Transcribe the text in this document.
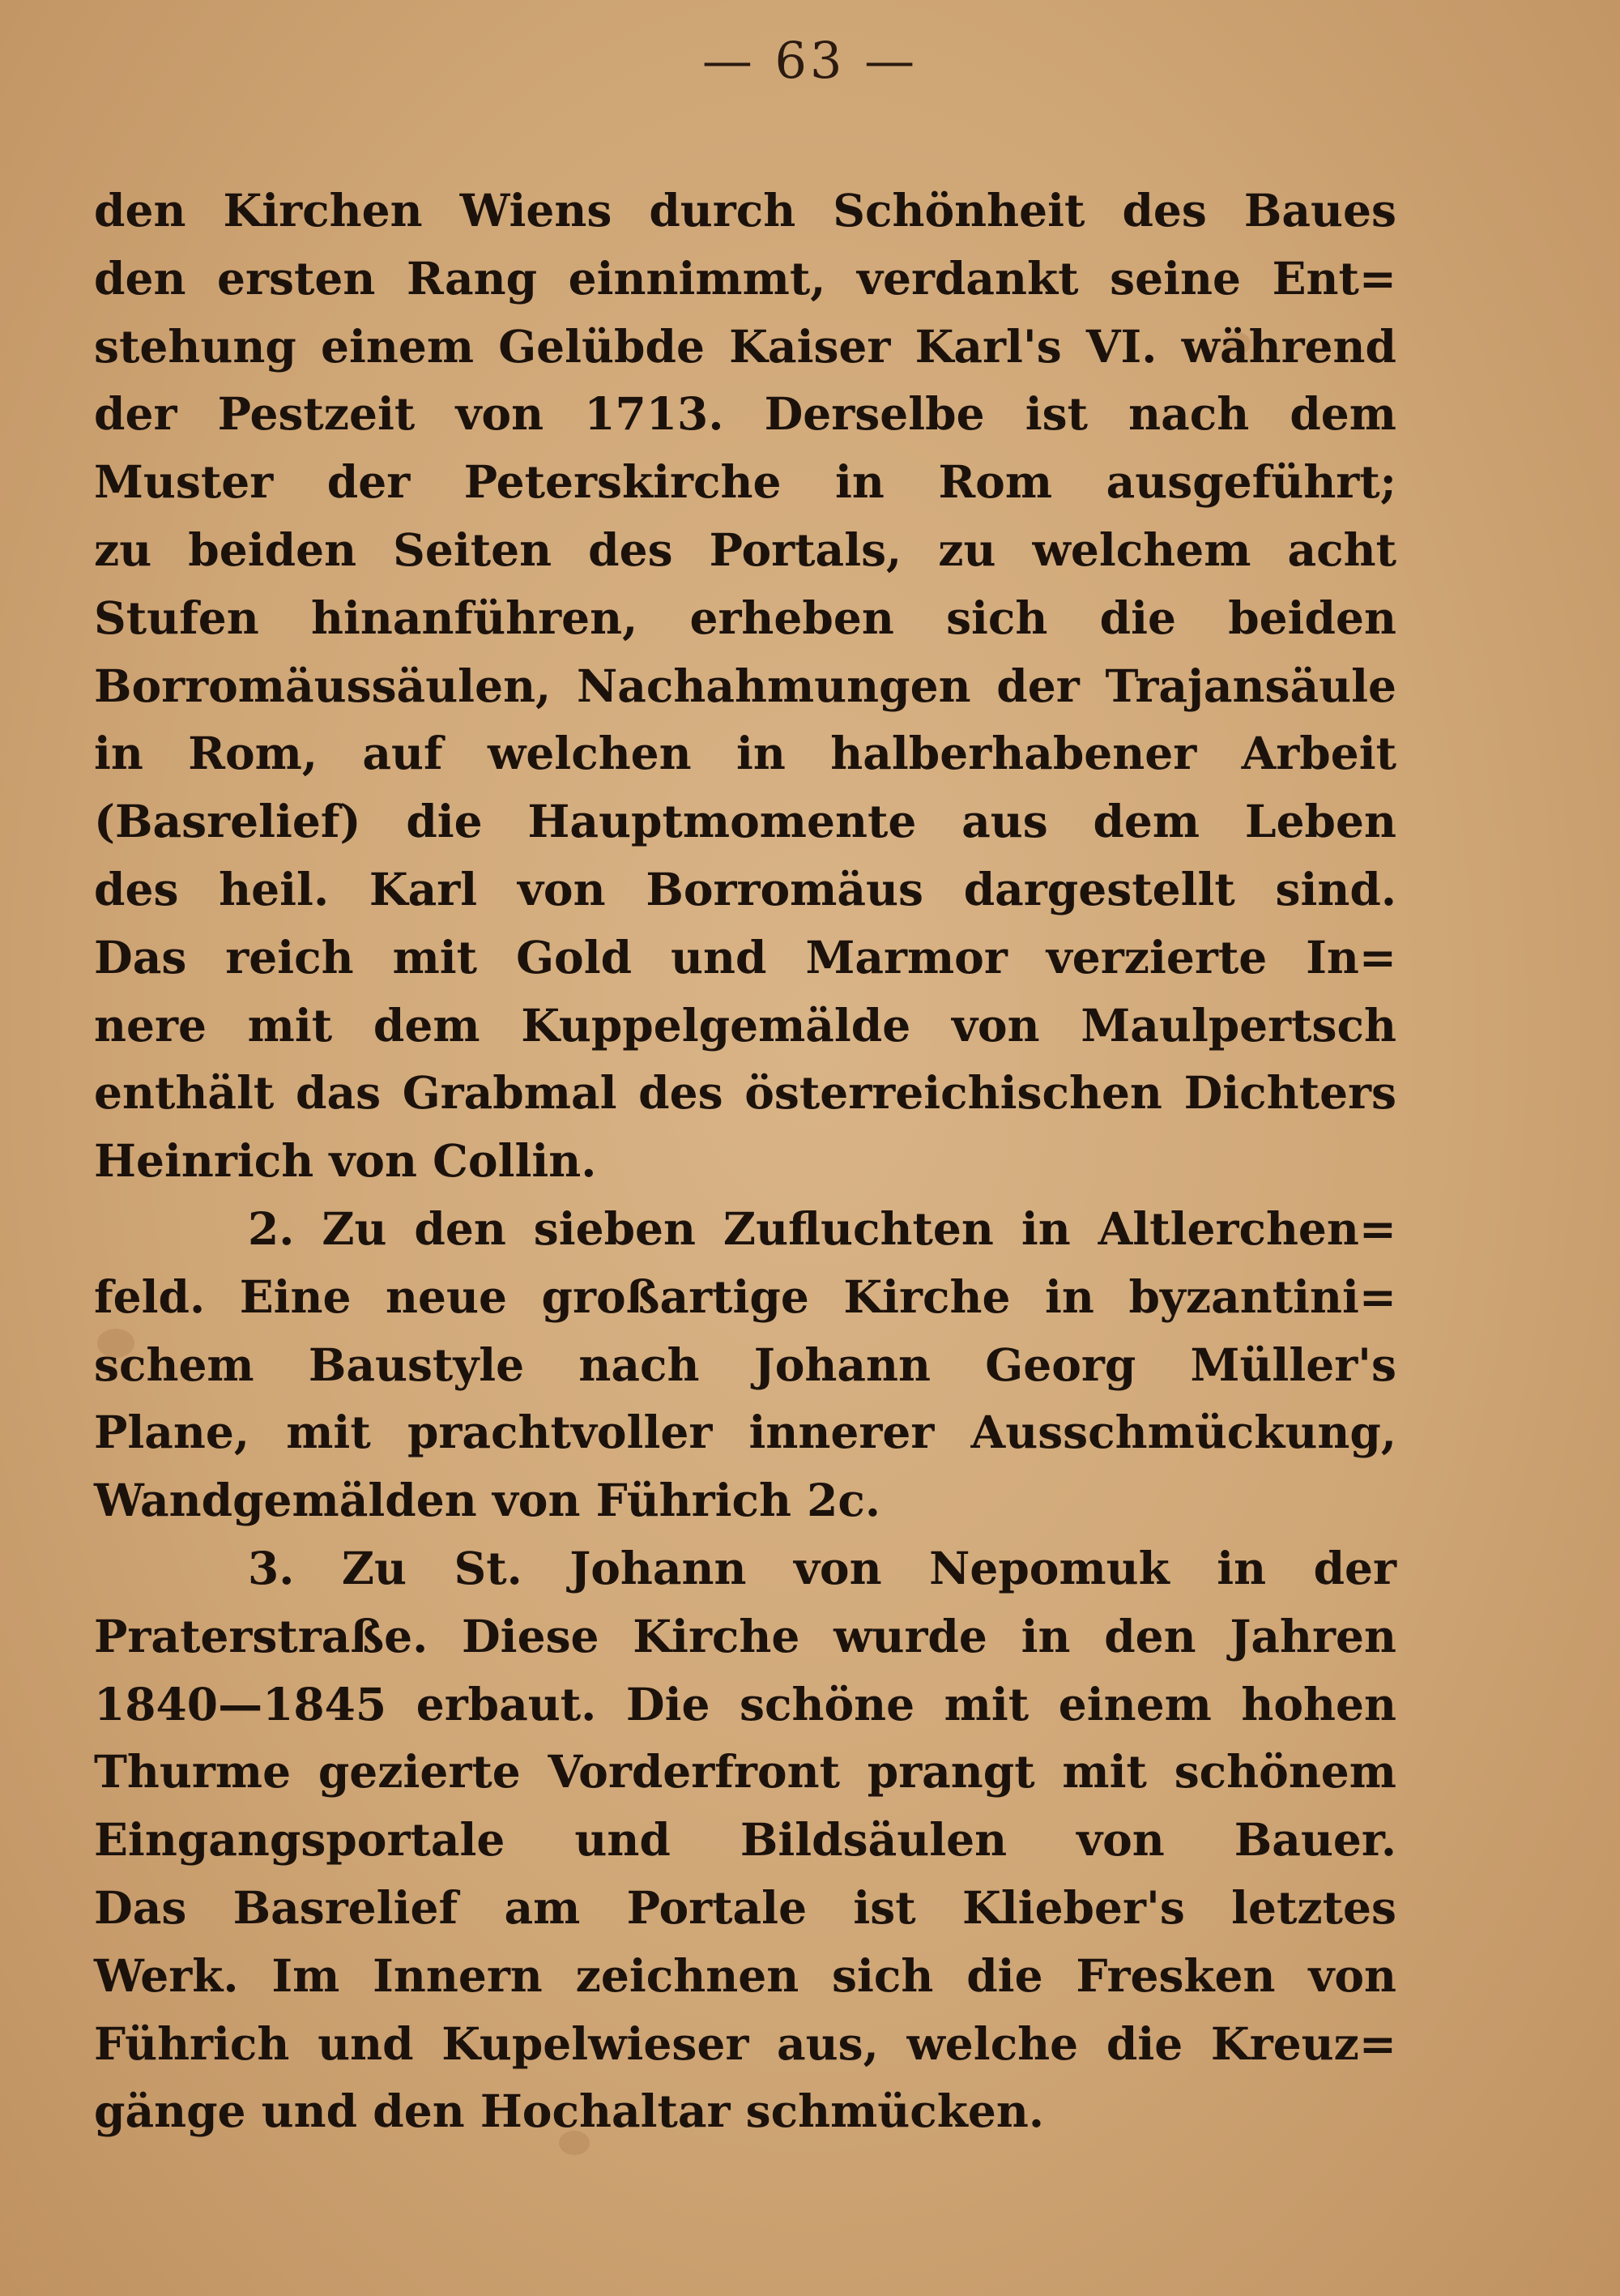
— 63 —
den Kirchen Wiens durch Schönheit des Baues
den ersten Rang einnimmt, verdankt seine Ent=
stehung einem Gelübde Kaiser Karl's VI. während
der Pestzeit von 1713. Derselbe ist nach dem
Muster der Peterskirche in Rom ausgeführt;
zu beiden Seiten des Portals, zu welchem acht
Stufen hinanführen, erheben sich die beiden
Borromäussäulen, Nachahmungen der Trajansäule
in Rom, auf welchen in halberhabener Arbeit
(Basrelief) die Hauptmomente aus dem Leben
des heil. Karl von Borromäus dargestellt sind.
Das reich mit Gold und Marmor verzierte In=
nere mit dem Kuppelgemälde von Maulpertsch
enthält das Grabmal des österreichischen Dichters
Heinrich von Collin.
2. Zu den sieben Zufluchten in Altlerchen=
feld. Eine neue großartige Kirche in byzantini=
schem Baustyle nach Johann Georg Müller's
Plane, mit prachtvoller innerer Ausschmückung,
Wandgemälden von Führich 2c.
3. Zu St. Johann von Nepomuk in der
Praterstraße. Diese Kirche wurde in den Jahren
1840—1845 erbaut. Die schöne mit einem hohen
Thurme gezierte Vorderfront prangt mit schönem
Eingangsportale und Bildsäulen von Bauer.
Das Basrelief am Portale ist Klieber's letztes
Werk. Im Innern zeichnen sich die Fresken von
Führich und Kupelwieser aus, welche die Kreuz=
gänge und den Hochaltar schmücken.
